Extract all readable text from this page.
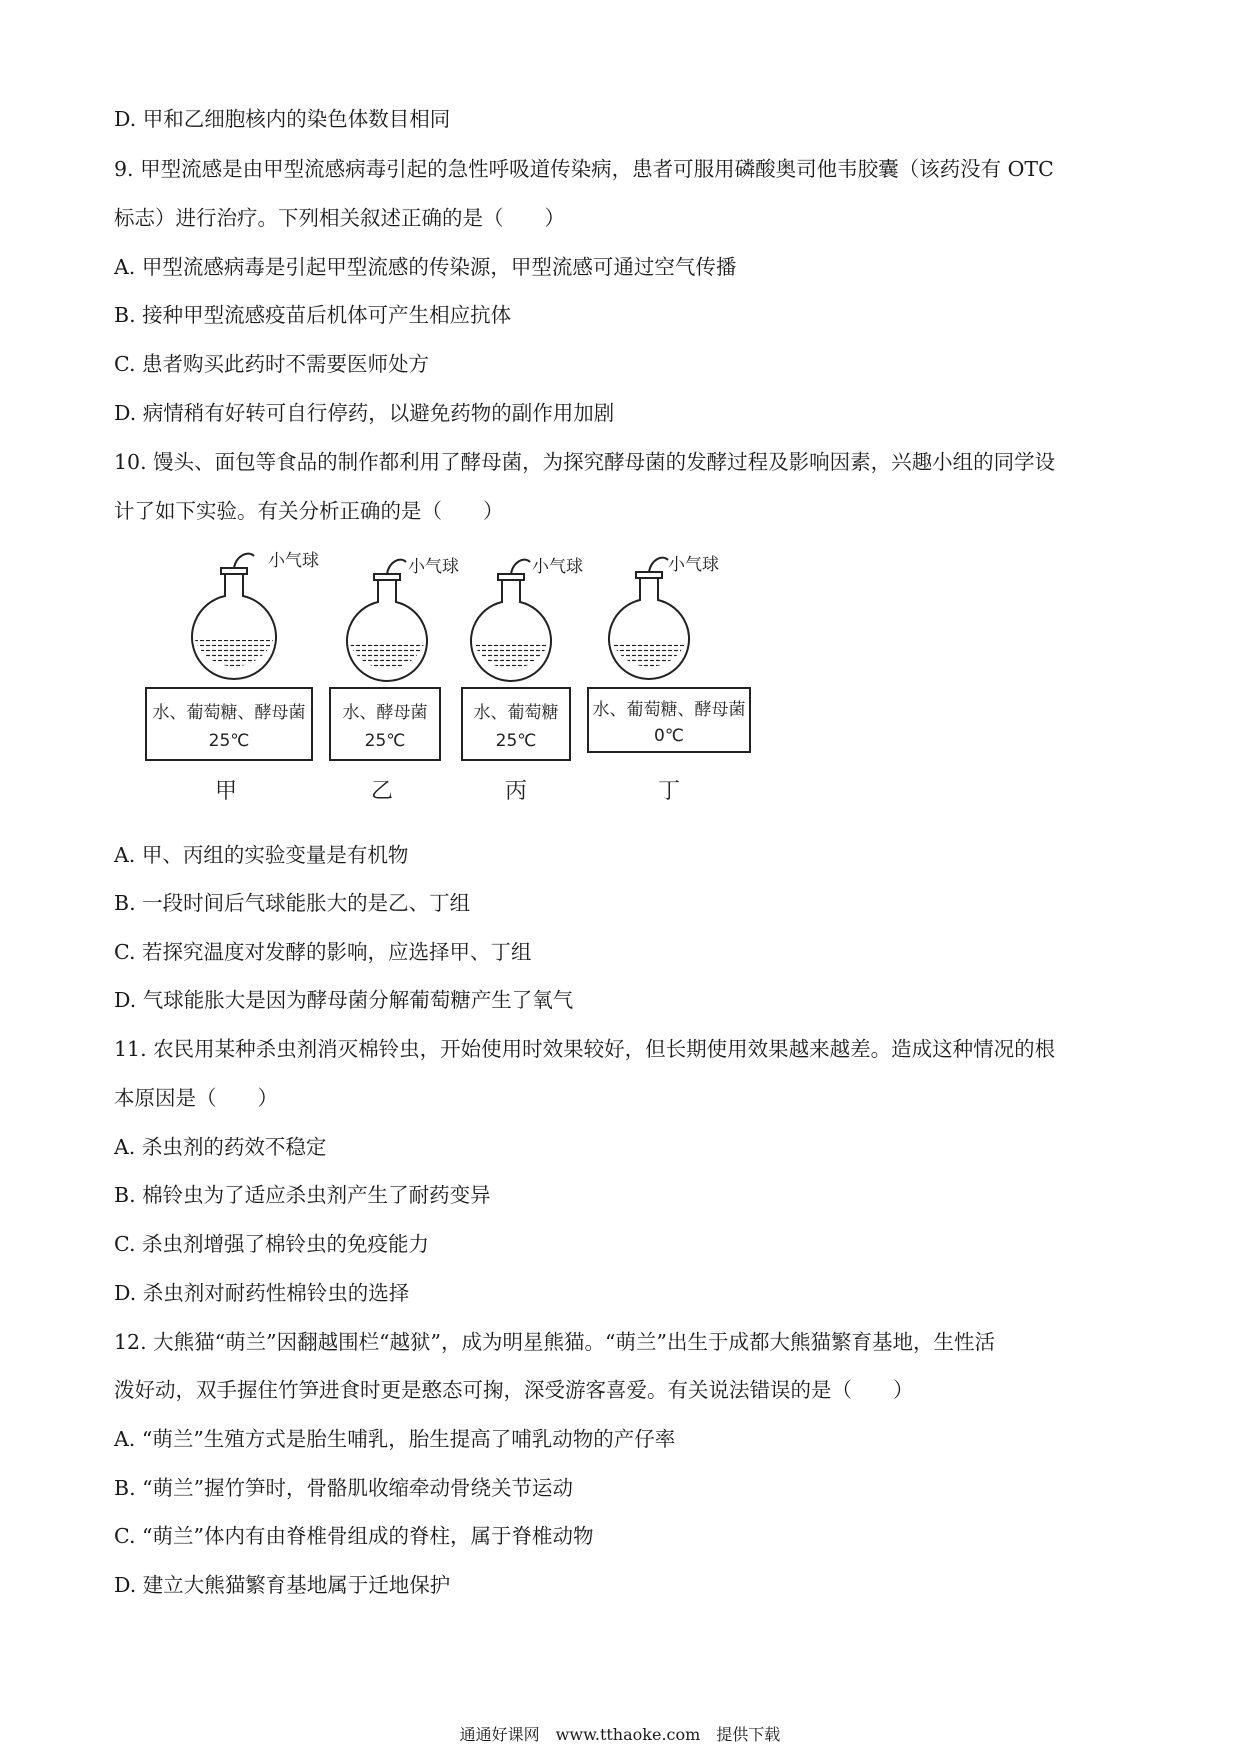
D. 甲和乙细胞核内的染色体数目相同
9. 甲型流感是由甲型流感病毒引起的急性呼吸道传染病，患者可服用磷酸奥司他韦胶囊（该药没有 OTC
标志）进行治疗。下列相关叙述正确的是（　　）
A. 甲型流感病毒是引起甲型流感的传染源，甲型流感可通过空气传播
B. 接种甲型流感疫苗后机体可产生相应抗体
C. 患者购买此药时不需要医师处方
D. 病情稍有好转可自行停药，以避免药物的副作用加剧
10. 馒头、面包等食品的制作都利用了酵母菌，为探究酵母菌的发酵过程及影响因素，兴趣小组的同学设
计了如下实验。有关分析正确的是（　　）
小气球	小气球	小气球	小气球
水、葡萄糖、酵母菌
25℃
水、酵母菌
25℃
水、葡萄糖
25℃
水、葡萄糖、酵母菌
0℃
甲	乙	丙	丁
A. 甲、丙组的实验变量是有机物
B. 一段时间后气球能胀大的是乙、丁组
C. 若探究温度对发酵的影响，应选择甲、丁组
D. 气球能胀大是因为酵母菌分解葡萄糖产生了氧气
11. 农民用某种杀虫剂消灭棉铃虫，开始使用时效果较好，但长期使用效果越来越差。造成这种情况的根
本原因是（　　）
A. 杀虫剂的药效不稳定
B. 棉铃虫为了适应杀虫剂产生了耐药变异
C. 杀虫剂增强了棉铃虫的免疫能力
D. 杀虫剂对耐药性棉铃虫的选择
12. 大熊猫“萌兰”因翻越围栏“越狱”，成为明星熊猫。“萌兰”出生于成都大熊猫繁育基地，生性活
泼好动，双手握住竹笋进食时更是憨态可掬，深受游客喜爱。有关说法错误的是（　　）
A. “萌兰”生殖方式是胎生哺乳，胎生提高了哺乳动物的产仔率
B. “萌兰”握竹笋时，骨骼肌收缩牵动骨绕关节运动
C. “萌兰”体内有由脊椎骨组成的脊柱，属于脊椎动物
D. 建立大熊猫繁育基地属于迁地保护
通通好课网　www.tthaoke.com　提供下载
